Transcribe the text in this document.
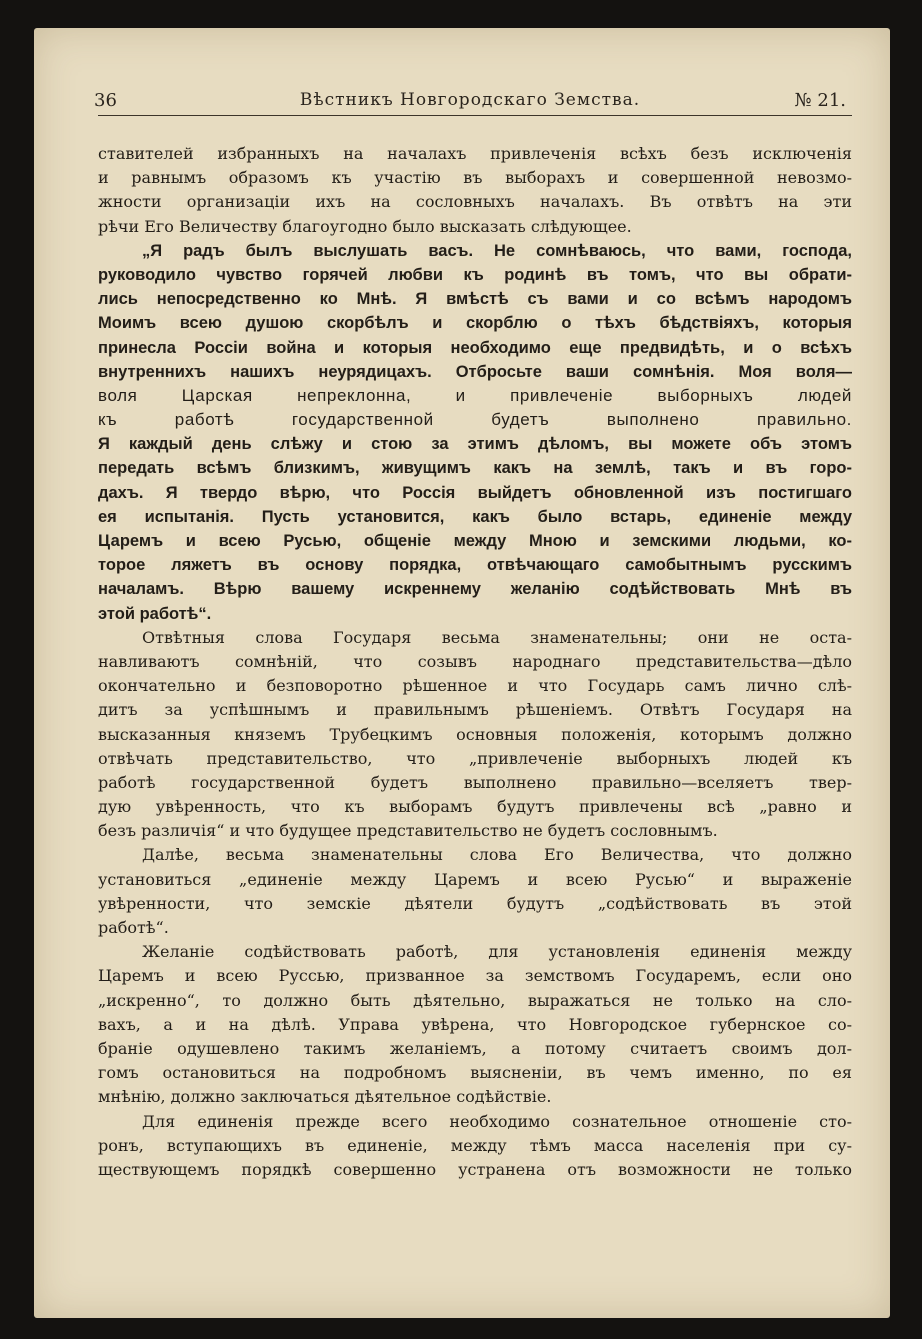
36	Вѣстникъ Новгородскаго Земства.	№ 21.
ставителей избранныхъ на началахъ привлеченія всѣхъ безъ исключенія
и равнымъ образомъ къ участію въ выборахъ и совершенной невозмо-
жности организаціи ихъ на сословныхъ началахъ. Въ отвѣтъ на эти
рѣчи Его Величеству благоугодно было высказать слѣдующее.
„Я радъ былъ выслушать васъ. Не сомнѣваюсь, что вами, господа,
руководило чувство горячей любви къ родинѣ въ томъ, что вы обрати-
лись непосредственно ко Мнѣ. Я вмѣстѣ съ вами и со всѣмъ народомъ
Моимъ всею душою скорбѣлъ и скорблю о тѣхъ бѣдствіяхъ, которыя
принесла Россіи война и которыя необходимо еще предвидѣть, и о всѣхъ
внутреннихъ нашихъ неурядицахъ. Отбросьте ваши сомнѣнія. Моя воля—
воля Царская непреклонна, и привлеченіе выборныхъ людей
къ работѣ государственной будетъ выполнено правильно.
Я каждый день слѣжу и стою за этимъ дѣломъ, вы можете объ этомъ
передать всѣмъ близкимъ, живущимъ какъ на землѣ, такъ и въ горо-
дахъ. Я твердо вѣрю, что Россія выйдетъ обновленной изъ постигшаго
ея испытанія. Пусть установится, какъ было встарь, единеніе между
Царемъ и всею Русью, общеніе между Мною и земскими людьми, ко-
торое ляжетъ въ основу порядка, отвѣчающаго самобытнымъ русскимъ
началамъ. Вѣрю вашему искреннему желанію содѣйствовать Мнѣ въ
этой работѣ“.
Отвѣтныя слова Государя весьма знаменательны; они не оста-
навливаютъ сомнѣній, что созывъ народнаго представительства—дѣло
окончательно и безповоротно рѣшенное и что Государь самъ лично слѣ-
дитъ за успѣшнымъ и правильнымъ рѣшеніемъ. Отвѣтъ Государя на
высказанныя княземъ Трубецкимъ основныя положенія, которымъ должно
отвѣчать представительство, что „привлеченіе выборныхъ людей къ
работѣ государственной будетъ выполнено правильно—вселяетъ твер-
дую увѣренность, что къ выборамъ будутъ привлечены всѣ „равно и
безъ различія“ и что будущее представительство не будетъ сословнымъ.
Далѣе, весьма знаменательны слова Его Величества, что должно
установиться „единеніе между Царемъ и всею Русью“ и выраженіе
увѣренности, что земскіе дѣятели будутъ „содѣйствовать въ этой
работѣ“.
Желаніе содѣйствовать работѣ, для установленія единенія между
Царемъ и всею Руссью, призванное за земствомъ Государемъ, если оно
„искренно“, то должно быть дѣятельно, выражаться не только на сло-
вахъ, а и на дѣлѣ. Управа увѣрена, что Новгородское губернское со-
браніе одушевлено такимъ желаніемъ, а потому считаетъ своимъ дол-
гомъ остановиться на подробномъ выясненіи, въ чемъ именно, по ея
мнѣнію, должно заключаться дѣятельное содѣйствіе.
Для единенія прежде всего необходимо сознательное отношеніе сто-
ронъ, вступающихъ въ единеніе, между тѣмъ масса населенія при су-
ществующемъ порядкѣ совершенно устранена отъ возможности не только
